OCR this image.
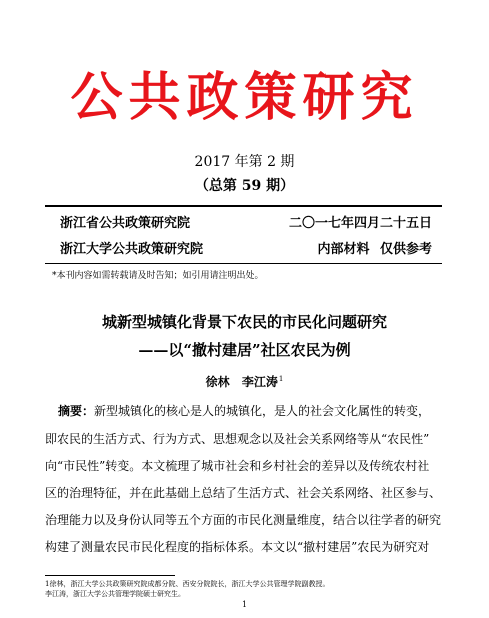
公共政策研究
2017 年第 2 期
（总第 59 期）
浙江省公共政策研究院	二〇一七年四月二十五日
浙江大学公共政策研究院	内部材料 仅供参考
*本刊内容如需转载请及时告知；如引用请注明出处。
城新型城镇化背景下农民的市民化问题研究
——以“撤村建居”社区农民为例
徐林 李江涛$^1$
摘要：新型城镇化的核心是人的城镇化，是人的社会文化属性的转变，
即农民的生活方式、行为方式、思想观念以及社会关系网络等从“农民性”
向“市民性”转变。本文梳理了城市社会和乡村社会的差异以及传统农村社
区的治理特征，并在此基础上总结了生活方式、社会关系网络、社区参与、
治理能力以及身份认同等五个方面的市民化测量维度，结合以往学者的研究
构建了测量农民市民化程度的指标体系。本文以“撤村建居”农民为研究对
1徐林，浙江大学公共政策研究院成都分院、西安分院院长，浙江大学公共管理学院副教授。
李江涛，浙江大学公共管理学院硕士研究生。
1
